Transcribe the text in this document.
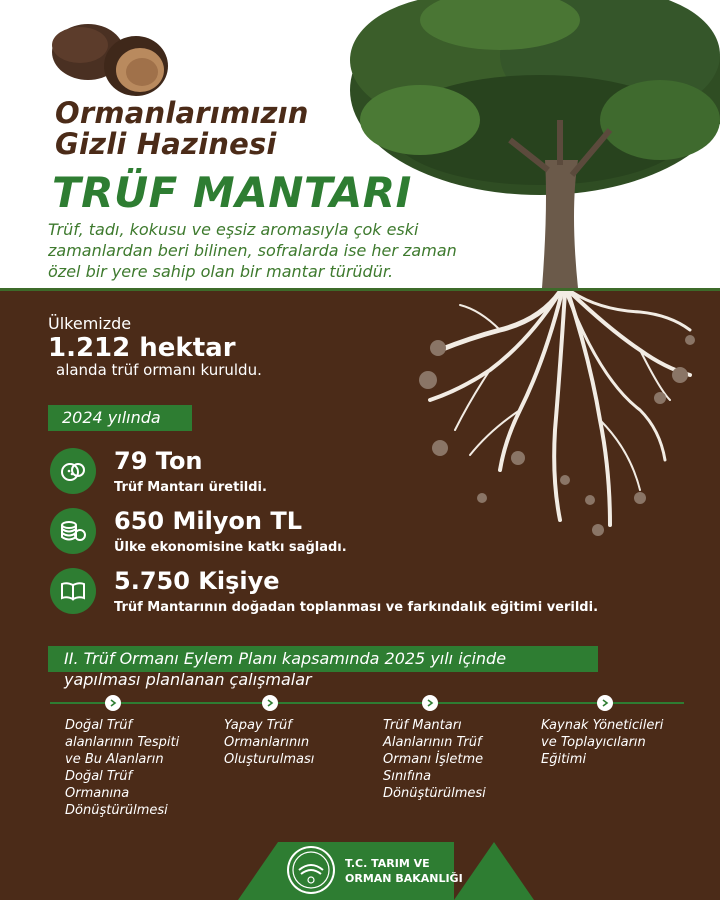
Ormanlarımızın
Gizli Hazinesi
TRÜF MANTARI
Trüf, tadı, kokusu ve eşsiz aromasıyla çok eski
zamanlardan beri bilinen, sofralarda ise her zaman
özel bir yere sahip olan bir mantar türüdür.
Ülkemizde
1.212 hektar
alanda trüf ormanı kuruldu.
2024 yılında
79 Ton
Trüf Mantarı üretildi.
650 Milyon TL
Ülke ekonomisine katkı sağladı.
5.750 Kişiye
Trüf Mantarının doğadan toplanması ve farkındalık eğitimi verildi.
II. Trüf Ormanı Eylem Planı kapsamında 2025 yılı içinde
yapılması planlanan çalışmalar
Doğal Trüf
alanlarının Tespiti
ve Bu Alanların
Doğal Trüf
Ormanına
Dönüştürülmesi
Yapay Trüf
Ormanlarının
Oluşturulması
Trüf Mantarı
Alanlarının Trüf
Ormanı İşletme
Sınıfına
Dönüştürülmesi
Kaynak Yöneticileri
ve Toplayıcıların
Eğitimi
T.C. TARIM VE
ORMAN BAKANLIĞI
